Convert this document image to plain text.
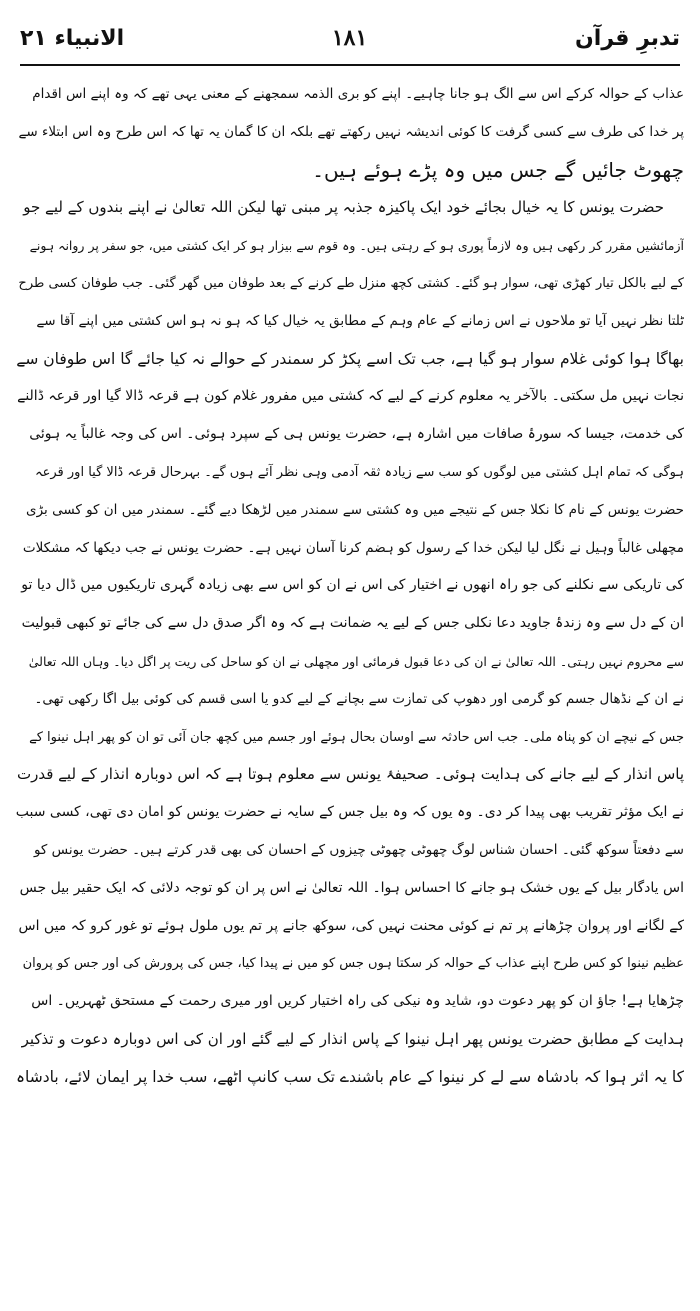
الانبیاء ۲۱	۱۸۱	تدبرِ قرآن
عذاب کے حوالہ کرکے اس سے الگ ہو جانا چاہیے۔ اپنے کو بری الذمہ سمجھنے کے معنی یہی تھے کہ وہ اپنے اس اقدام
پر خدا کی طرف سے کسی گرفت کا کوئی اندیشہ نہیں رکھتے تھے بلکہ ان کا گمان یہ تھا کہ اس طرح وہ اس ابتلاء سے
چھوٹ جائیں گے جس میں وہ پڑے ہوئے ہیں۔
حضرت یونس کا یہ خیال بجائے خود ایک پاکیزہ جذبہ پر مبنی تھا لیکن اللہ تعالیٰ نے اپنے بندوں کے لیے جو
آزمائشیں مقرر کر رکھی ہیں وہ لازماً پوری ہو کے رہتی ہیں۔ وہ قوم سے بیزار ہو کر ایک کشتی میں، جو سفر پر روانہ ہونے
کے لیے بالکل تیار کھڑی تھی، سوار ہو گئے۔ کشتی کچھ منزل طے کرنے کے بعد طوفان میں گھر گئی۔ جب طوفان کسی طرح
ٹلتا نظر نہیں آیا تو ملاحوں نے اس زمانے کے عام وہم کے مطابق یہ خیال کیا کہ ہو نہ ہو اس کشتی میں اپنے آقا سے
بھاگا ہوا کوئی غلام سوار ہو گیا ہے، جب تک اسے پکڑ کر سمندر کے حوالے نہ کیا جائے گا اس طوفان سے
نجات نہیں مل سکتی۔ بالآخر یہ معلوم کرنے کے لیے کہ کشتی میں مفرور غلام کون ہے قرعہ ڈالا گیا اور قرعہ ڈالنے
کی خدمت، جیسا کہ سورۂ صافات میں اشارہ ہے، حضرت یونس ہی کے سپرد ہوئی۔ اس کی وجہ غالباً یہ ہوئی
ہوگی کہ تمام اہل کشتی میں لوگوں کو سب سے زیادہ ثقہ آدمی وہی نظر آئے ہوں گے۔ بہرحال قرعہ ڈالا گیا اور قرعہ
حضرت یونس کے نام کا نکلا جس کے نتیجے میں وہ کشتی سے سمندر میں لڑھکا دیے گئے۔ سمندر میں ان کو کسی بڑی
مچھلی غالباً وہیل نے نگل لیا لیکن خدا کے رسول کو ہضم کرنا آسان نہیں ہے۔ حضرت یونس نے جب دیکھا کہ مشکلات
کی تاریکی سے نکلنے کی جو راہ انھوں نے اختیار کی اس نے ان کو اس سے بھی زیادہ گہری تاریکیوں میں ڈال دیا تو
ان کے دل سے وہ زندۂ جاوید دعا نکلی جس کے لیے یہ ضمانت ہے کہ وہ اگر صدق دل سے کی جائے تو کبھی قبولیت
سے محروم نہیں رہتی۔ اللہ تعالیٰ نے ان کی دعا قبول فرمائی اور مچھلی نے ان کو ساحل کی ریت پر اگل دیا۔ وہاں اللہ تعالیٰ
نے ان کے نڈھال جسم کو گرمی اور دھوپ کی تمازت سے بچانے کے لیے کدو یا اسی قسم کی کوئی بیل اگا رکھی تھی۔
جس کے نیچے ان کو پناہ ملی۔ جب اس حادثہ سے اوسان بحال ہوئے اور جسم میں کچھ جان آئی تو ان کو پھر اہل نینوا کے
پاس انذار کے لیے جانے کی ہدایت ہوئی۔ صحیفۂ یونس سے معلوم ہوتا ہے کہ اس دوبارہ انذار کے لیے قدرت
نے ایک مؤثر تقریب بھی پیدا کر دی۔ وہ یوں کہ وہ بیل جس کے سایہ نے حضرت یونس کو امان دی تھی، کسی سبب
سے دفعتاً سوکھ گئی۔ احسان شناس لوگ چھوٹی چھوٹی چیزوں کے احسان کی بھی قدر کرتے ہیں۔ حضرت یونس کو
اس یادگار بیل کے یوں خشک ہو جانے کا احساس ہوا۔ اللہ تعالیٰ نے اس پر ان کو توجہ دلائی کہ ایک حقیر بیل جس
کے لگانے اور پروان چڑھانے پر تم نے کوئی محنت نہیں کی، سوکھ جانے پر تم یوں ملول ہوئے تو غور کرو کہ میں اس
عظیم نینوا کو کس طرح اپنے عذاب کے حوالہ کر سکتا ہوں جس کو میں نے پیدا کیا، جس کی پرورش کی اور جس کو پروان
چڑھایا ہے! جاؤ ان کو پھر دعوت دو، شاید وہ نیکی کی راہ اختیار کریں اور میری رحمت کے مستحق ٹھہریں۔ اس
ہدایت کے مطابق حضرت یونس پھر اہل نینوا کے پاس انذار کے لیے گئے اور ان کی اس دوبارہ دعوت و تذکیر
کا یہ اثر ہوا کہ بادشاہ سے لے کر نینوا کے عام باشندے تک سب کانپ اٹھے، سب خدا پر ایمان لائے، بادشاہ
